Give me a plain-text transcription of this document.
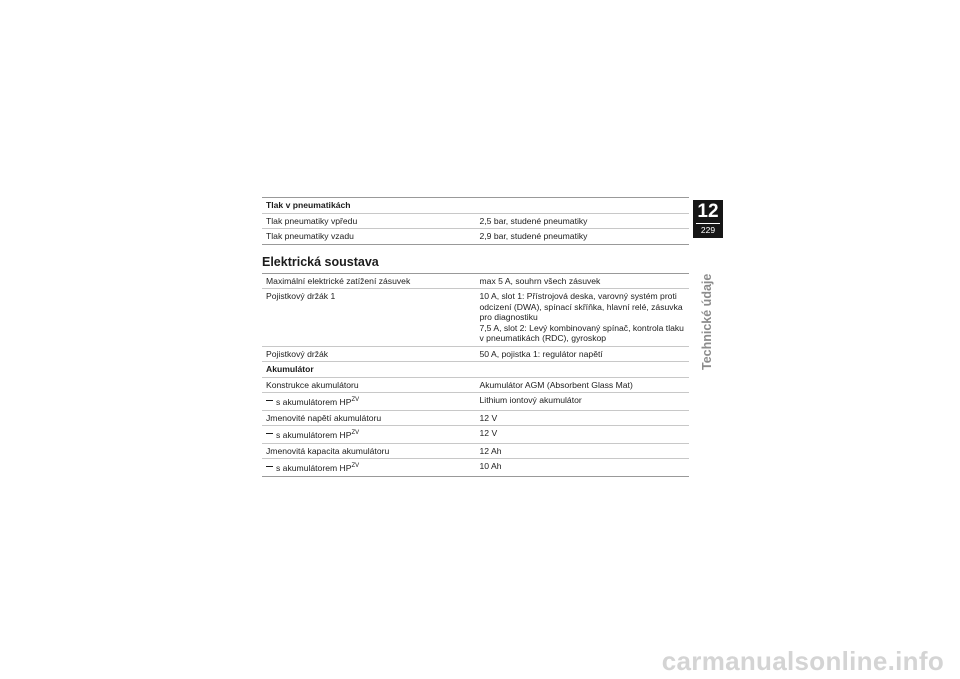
Tlak v pneumatikách	
Tlak pneumatiky vpředu	2,5 bar, studené pneumatiky
Tlak pneumatiky vzadu	2,9 bar, studené pneumatiky
Elektrická soustava
Maximální elektrické zatížení zásuvek	max 5 A, souhrn všech zásuvek
Pojistkový držák 1	10 A, slot 1: Přístrojová deska, varovný systém proti odcizení (DWA), spínací skříňka, hlavní relé, zásuvka pro diagnostiku
7,5 A, slot 2: Levý kombinovaný spínač, kontrola tlaku v pneumatikách (RDC), gyroskop

Pojistkový držák	50 A, pojistka 1: regulátor napětí
Akumulátor	
Konstrukce akumulátoru	Akumulátor AGM (Absorbent Glass Mat)
s akumulátorem $HP^{ZV}$	Lithium iontový akumulátor
Jmenovité napětí akumulátoru	12 V
s akumulátorem $HP^{ZV}$	12 V
Jmenovitá kapacita akumulátoru	12 Ah
s akumulátorem $HP^{ZV}$	10 Ah
12
229
Technické údaje
carmanualsonline.info
